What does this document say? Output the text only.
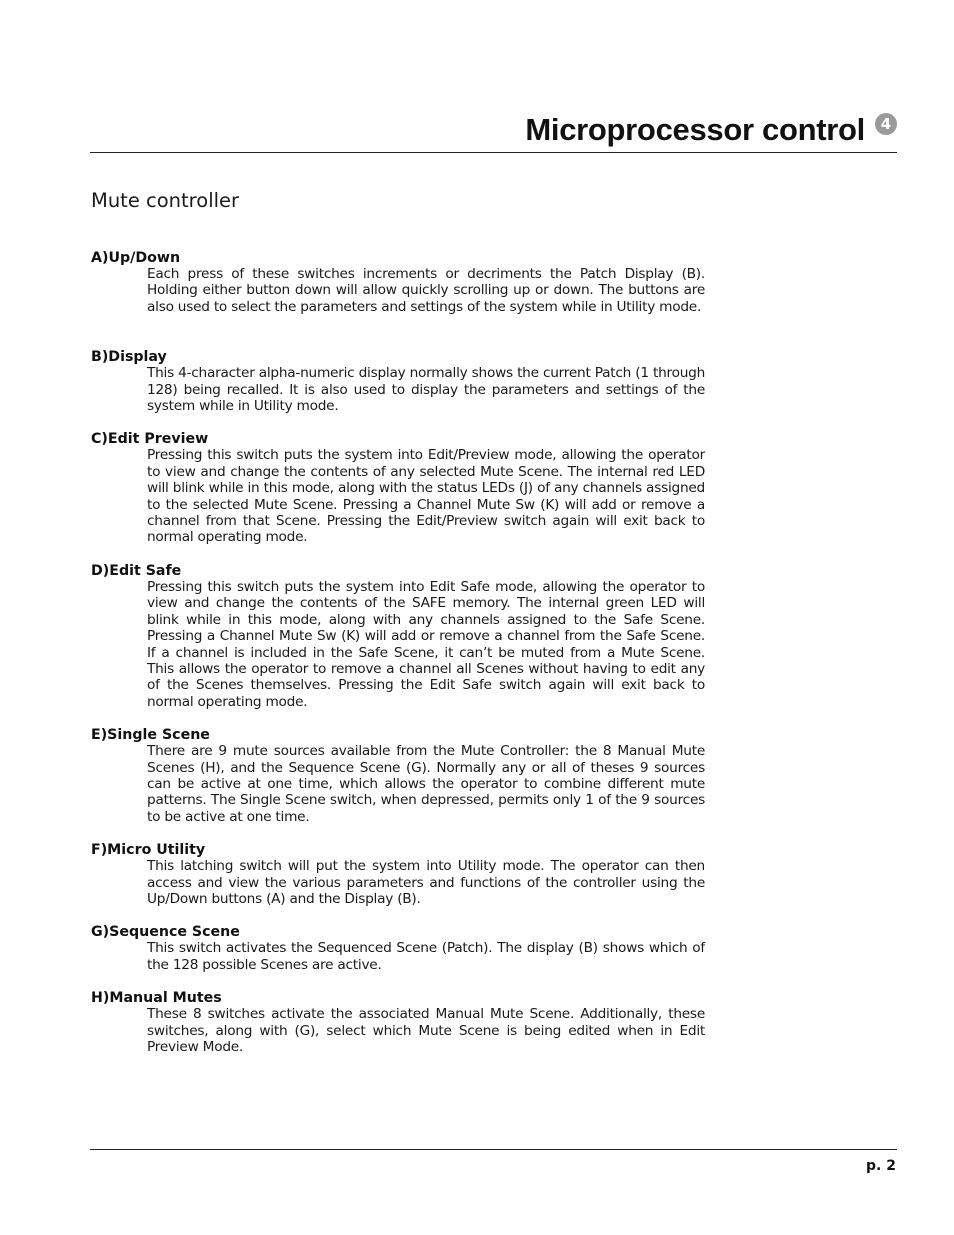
Microprocessor control 4
Mute controller
A)Up/Down
Each press of these switches increments or decriments the Patch Display (B). Holding either button down will allow quickly scrolling up or down. The buttons are also used to select the parameters and settings of the system while in Utility mode.
B)Display
This 4-character alpha-numeric display normally shows the current Patch (1 through 128) being recalled. It is also used to display the parameters and settings of the system while in Utility mode.
C)Edit Preview
Pressing this switch puts the system into Edit/Preview mode, allowing the operator to view and change the contents of any selected Mute Scene. The internal red LED will blink while in this mode, along with the status LEDs (J) of any channels assigned to the selected Mute Scene. Pressing a Channel Mute Sw (K) will add or remove a channel from that Scene. Pressing the Edit/Preview switch again will exit back to normal operating mode.
D)Edit Safe
Pressing this switch puts the system into Edit Safe mode, allowing the operator to view and change the contents of the SAFE memory. The internal green LED will blink while in this mode, along with any channels assigned to the Safe Scene. Pressing a Channel Mute Sw (K) will add or remove a channel from the Safe Scene. If a channel is included in the Safe Scene, it can’t be muted from a Mute Scene. This allows the operator to remove a channel all Scenes without having to edit any of the Scenes themselves. Pressing the Edit Safe switch again will exit back to normal operating mode.
E)Single Scene
There are 9 mute sources available from the Mute Controller: the 8 Manual Mute Scenes (H), and the Sequence Scene (G). Normally any or all of theses 9 sources can be active at one time, which allows the operator to combine different mute patterns. The Single Scene switch, when depressed, permits only 1 of the 9 sources to be active at one time.
F)Micro Utility
This latching switch will put the system into Utility mode. The operator can then access and view the various parameters and functions of the controller using the Up/Down buttons (A) and the Display (B).
G)Sequence Scene
This switch activates the Sequenced Scene (Patch). The display (B) shows which of the 128 possible Scenes are active.
H)Manual Mutes
These 8 switches activate the associated Manual Mute Scene. Additionally, these switches, along with (G), select which Mute Scene is being edited when in Edit Preview Mode.
p. 2
